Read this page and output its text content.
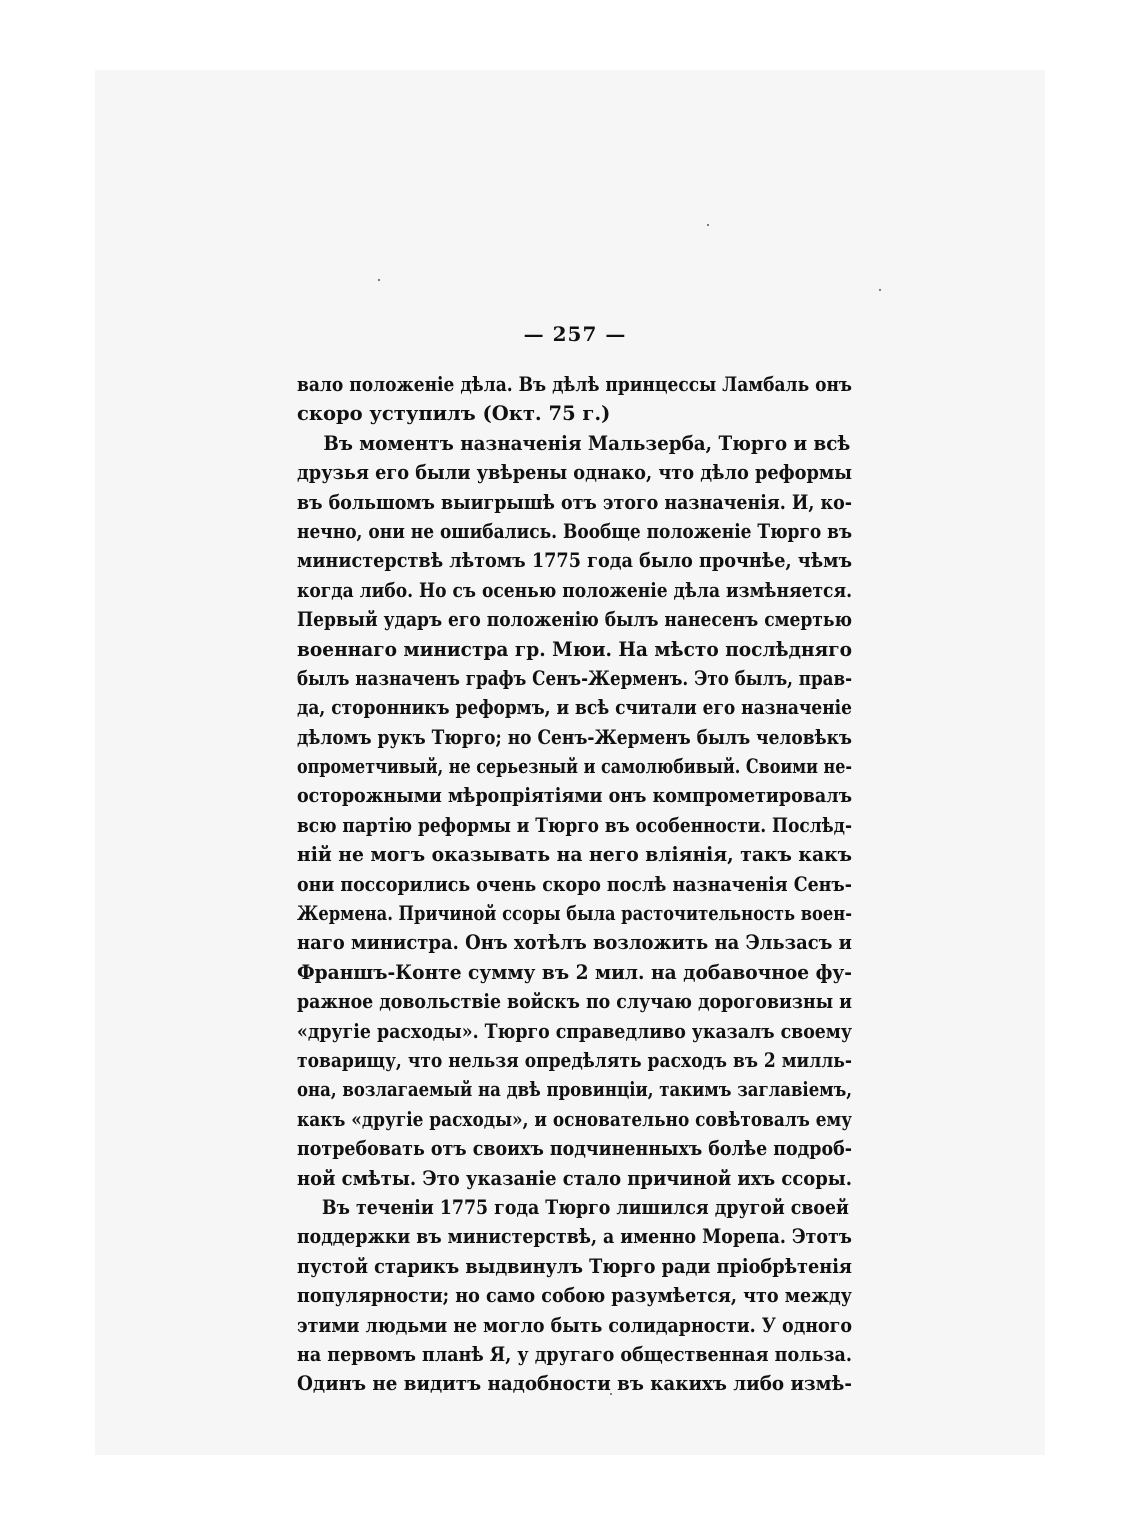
— 257 —
вало положеніе дѣла. Въ дѣлѣ принцессы Ламбаль онъ
скоро уступилъ (Окт. 75 г.)
Въ моментъ назначенія Мальзерба, Тюрго и всѣ
друзья его были увѣрены однако, что дѣло реформы
въ большомъ выигрышѣ отъ этого назначенія. И, ко-
нечно, они не ошибались. Вообще положеніе Тюрго въ
министерствѣ лѣтомъ 1775 года было прочнѣе, чѣмъ
когда либо. Но съ осенью положеніе дѣла измѣняется.
Первый ударъ его положенію былъ нанесенъ смертью
военнаго министра гр. Мюи. На мѣсто послѣдняго
былъ назначенъ графъ Сенъ-Жерменъ. Это былъ, прав-
да, сторонникъ реформъ, и всѣ считали его назначеніе
дѣломъ рукъ Тюрго; но Сенъ-Жерменъ былъ человѣкъ
опрометчивый, не серьезный и самолюбивый. Своими не-
осторожными мѣропріятіями онъ компрометировалъ
всю партію реформы и Тюрго въ особенности. Послѣд-
ній не могъ оказывать на него вліянія, такъ какъ
они поссорились очень скоро послѣ назначенія Сенъ-
Жермена. Причиной ссоры была расточительность воен-
наго министра. Онъ хотѣлъ возложить на Эльзасъ и
Франшъ-Конте сумму въ 2 мил. на добавочное фу-
ражное довольствіе войскъ по случаю дороговизны и
«другіе расходы». Тюрго справедливо указалъ своему
товарищу, что нельзя опредѣлять расходъ въ 2 милль-
она, возлагаемый на двѣ провинціи, такимъ заглавіемъ,
какъ «другіе расходы», и основательно совѣтовалъ ему
потребовать отъ своихъ подчиненныхъ болѣе подроб-
ной смѣты. Это указаніе стало причиной ихъ ссоры.
Въ теченіи 1775 года Тюрго лишился другой своей
поддержки въ министерствѣ, а именно Морепа. Этотъ
пустой старикъ выдвинулъ Тюрго ради пріобрѣтенія
популярности; но само собою разумѣется, что между
этими людьми не могло быть солидарности. У одного
на первомъ планѣ Я, у другаго общественная польза.
Одинъ не видитъ надобности въ какихъ либо измѣ-
